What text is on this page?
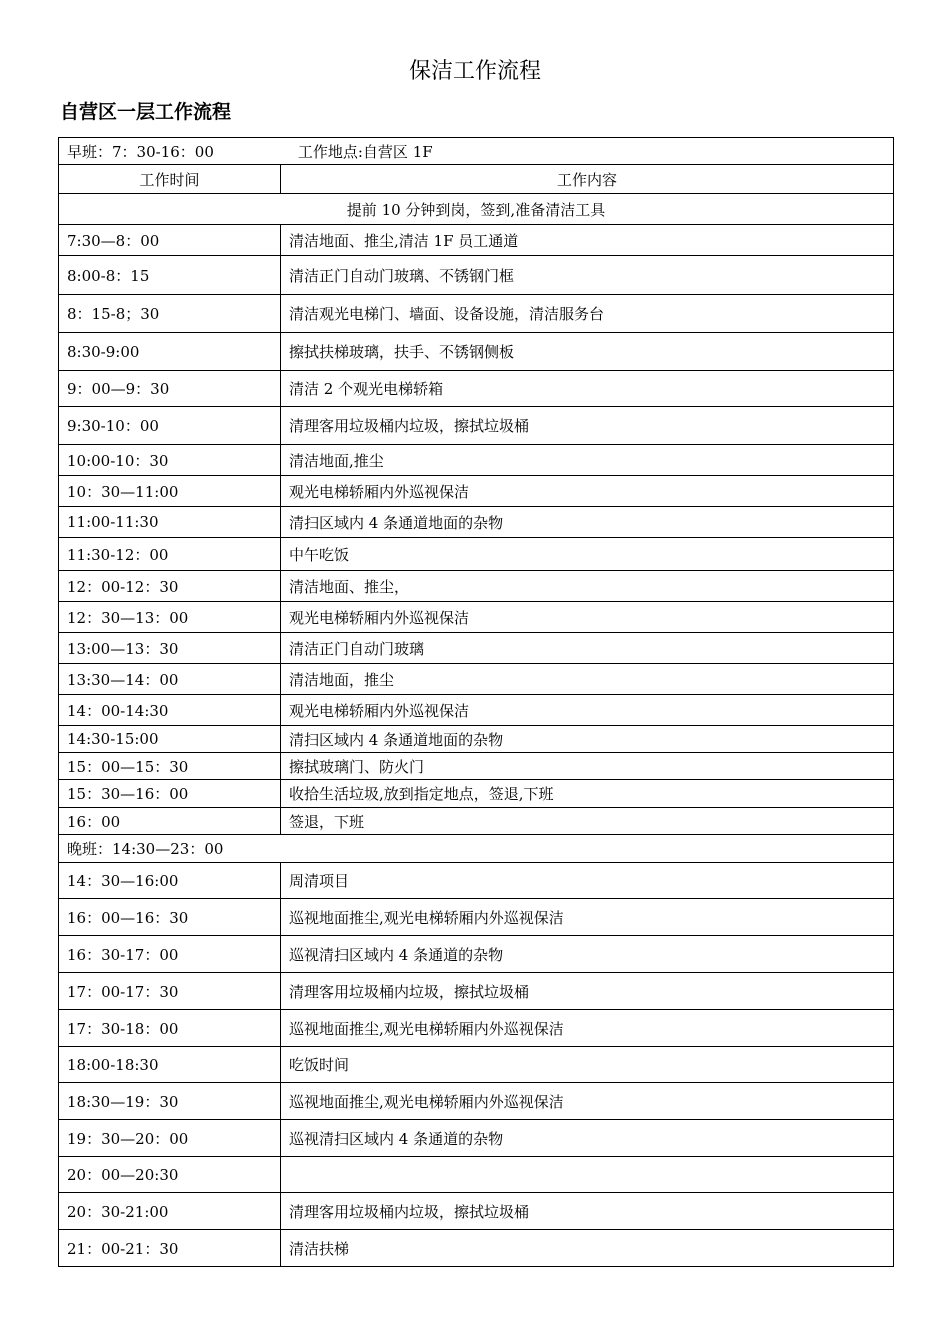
保洁工作流程
自营区一层工作流程
早班：7：30-16：00 工作地点:自营区 1F	
工作时间	工作内容
提前 10 分钟到岗，签到,准备清洁工具	
7:30—8：00	清洁地面、推尘,清洁 1F 员工通道
8:00-8：15	清洁正门自动门玻璃、不锈钢门框
8：15-8；30	清洁观光电梯门、墙面、设备设施，清洁服务台
8:30-9:00	擦拭扶梯玻璃，扶手、不锈钢侧板
9：00—9：30	清洁 2 个观光电梯轿箱
9:30-10：00	清理客用垃圾桶内垃圾，擦拭垃圾桶
10:00-10：30	清洁地面,推尘
10：30—11:00	观光电梯轿厢内外巡视保洁
11:00-11:30	清扫区域内 4 条通道地面的杂物
11:30-12：00	中午吃饭
12：00-12：30	清洁地面、推尘，
12：30—13：00	观光电梯轿厢内外巡视保洁
13:00—13：30	清洁正门自动门玻璃
13:30—14：00	清洁地面，推尘
14：00-14:30	观光电梯轿厢内外巡视保洁
14:30-15:00	清扫区域内 4 条通道地面的杂物
15：00—15：30	擦拭玻璃门、防火门
15：30—16：00	收拾生活垃圾,放到指定地点，签退,下班
16：00	签退，下班
晚班：14:30—23：00	
14：30—16:00	周清项目
16：00—16：30	巡视地面推尘,观光电梯轿厢内外巡视保洁
16：30-17：00	巡视清扫区域内 4 条通道的杂物
17：00-17：30	清理客用垃圾桶内垃圾，擦拭垃圾桶
17：30-18：00	巡视地面推尘,观光电梯轿厢内外巡视保洁
18:00-18:30	吃饭时间
18:30—19：30	巡视地面推尘,观光电梯轿厢内外巡视保洁
19：30—20：00	巡视清扫区域内 4 条通道的杂物
20：00—20:30	
20：30-21:00	清理客用垃圾桶内垃圾，擦拭垃圾桶
21：00-21：30	清洁扶梯
